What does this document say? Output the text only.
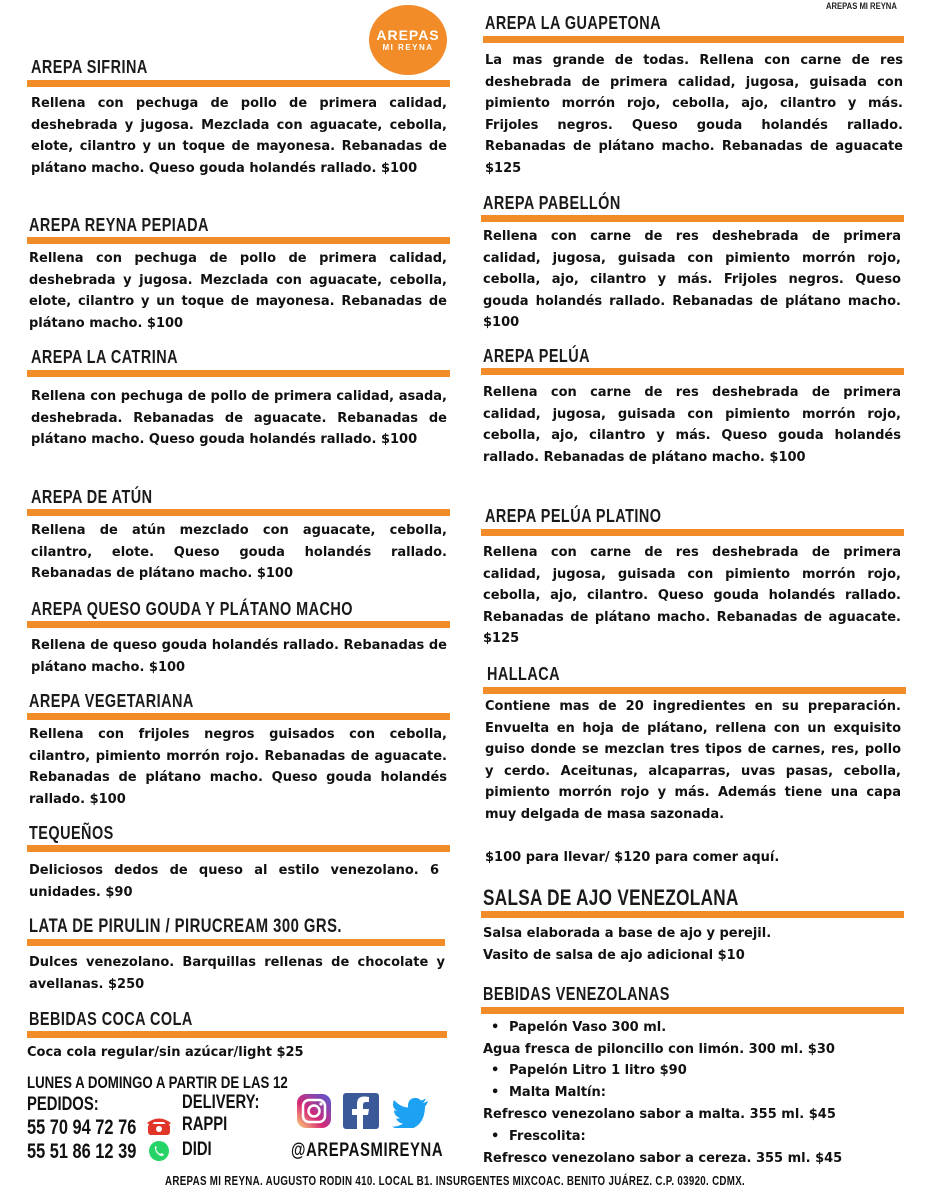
AREPAS
MI REYNA
AREPAS MI REYNA
AREPA SIFRINA
Rellena con pechuga de pollo de primera calidad, deshebrada y jugosa. Mezclada con aguacate, cebolla, elote, cilantro y un toque de mayonesa. Rebanadas de plátano macho. Queso gouda holandés rallado. $100
AREPA REYNA PEPIADA
Rellena con pechuga de pollo de primera calidad, deshebrada y jugosa. Mezclada con aguacate, cebolla, elote, cilantro y un toque de mayonesa. Rebanadas de plátano macho. $100
AREPA LA CATRINA
Rellena con pechuga de pollo de primera calidad, asada, deshebrada. Rebanadas de aguacate. Rebanadas de plátano macho. Queso gouda holandés rallado. $100
AREPA DE ATÚN
Rellena de atún mezclado con aguacate, cebolla, cilantro, elote. Queso gouda holandés rallado. Rebanadas de plátano macho. $100
AREPA QUESO GOUDA Y PLÁTANO MACHO
Rellena de queso gouda holandés rallado. Rebanadas de plátano macho. $100
AREPA VEGETARIANA
Rellena con frijoles negros guisados con cebolla, cilantro, pimiento morrón rojo. Rebanadas de aguacate. Rebanadas de plátano macho. Queso gouda holandés rallado. $100
TEQUEÑOS
Deliciosos dedos de queso al estilo venezolano. 6 unidades. $90
LATA DE PIRULIN / PIRUCREAM 300 GRS.
Dulces venezolano. Barquillas rellenas de chocolate y avellanas. $250
BEBIDAS COCA COLA
Coca cola regular/sin azúcar/light $25
LUNES A DOMINGO A PARTIR DE LAS 12
PEDIDOS:
55 70 94 72 76
55 51 86 12 39
DELIVERY:
RAPPI
DIDI	@AREPASMIREYNA
AREPA LA GUAPETONA
La mas grande de todas. Rellena con carne de res deshebrada de primera calidad, jugosa, guisada con pimiento morrón rojo, cebolla, ajo, cilantro y más. Frijoles negros. Queso gouda holandés rallado. Rebanadas de plátano macho. Rebanadas de aguacate $125
AREPA PABELLÓN
Rellena con carne de res deshebrada de primera calidad, jugosa, guisada con pimiento morrón rojo, cebolla, ajo, cilantro y más. Frijoles negros. Queso gouda holandés rallado. Rebanadas de plátano macho. $100
AREPA PELÚA
Rellena con carne de res deshebrada de primera calidad, jugosa, guisada con pimiento morrón rojo, cebolla, ajo, cilantro y más. Queso gouda holandés rallado. Rebanadas de plátano macho. $100
AREPA PELÚA PLATINO
Rellena con carne de res deshebrada de primera calidad, jugosa, guisada con pimiento morrón rojo, cebolla, ajo, cilantro. Queso gouda holandés rallado. Rebanadas de plátano macho. Rebanadas de aguacate. $125
HALLACA
Contiene mas de 20 ingredientes en su preparación. Envuelta en hoja de plátano, rellena con un exquisito guiso donde se mezclan tres tipos de carnes, res, pollo y cerdo. Aceitunas, alcaparras, uvas pasas, cebolla, pimiento morrón rojo y más. Además tiene una capa muy delgada de masa sazonada.
$100 para llevar/ $120 para comer aquí.
SALSA DE AJO VENEZOLANA
Salsa elaborada a base de ajo y perejil.
Vasito de salsa de ajo adicional $10
BEBIDAS VENEZOLANAS
• Papelón Vaso 300 ml.
Agua fresca de piloncillo con limón. 300 ml. $30
• Papelón Litro 1 litro $90
• Malta Maltín:
Refresco venezolano sabor a malta. 355 ml. $45
• Frescolita:
Refresco venezolano sabor a cereza. 355 ml. $45
AREPAS MI REYNA. AUGUSTO RODIN 410. LOCAL B1. INSURGENTES MIXCOAC. BENITO JUÁREZ. C.P. 03920. CDMX.
